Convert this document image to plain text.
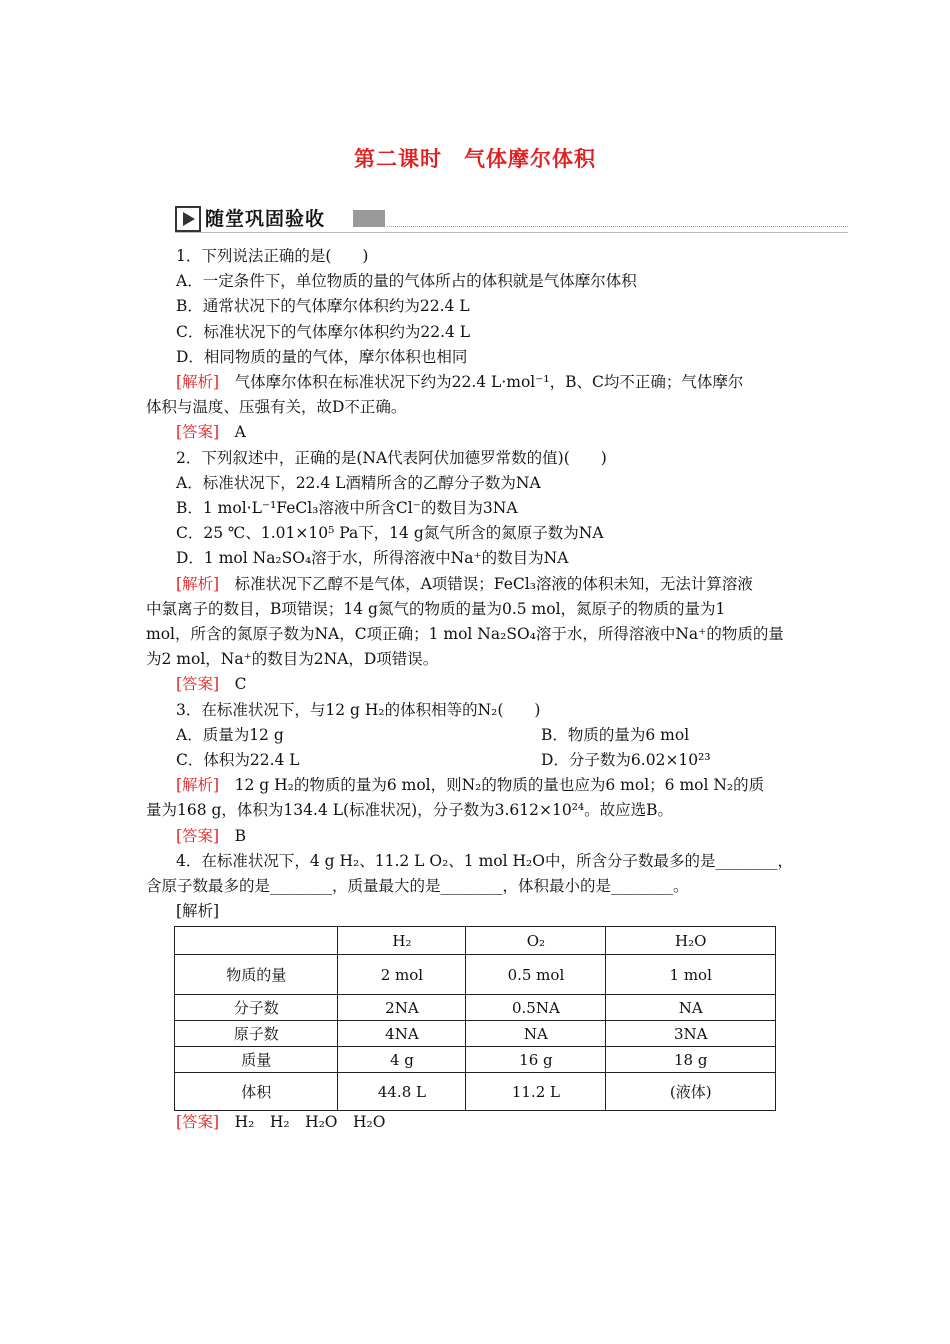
第二课时　气体摩尔体积
随堂巩固验收
1．下列说法正确的是(　　)
A．一定条件下，单位物质的量的气体所占的体积就是气体摩尔体积
B．通常状况下的气体摩尔体积约为22.4 L
C．标准状况下的气体摩尔体积约为22.4 L
D．相同物质的量的气体，摩尔体积也相同
[解析]　气体摩尔体积在标准状况下约为22.4 L·mol⁻¹，B、C均不正确；气体摩尔
体积与温度、压强有关，故D不正确。
[答案]　A
2．下列叙述中，正确的是(NA代表阿伏加德罗常数的值)(　　)
A．标准状况下，22.4 L酒精所含的乙醇分子数为NA
B．1 mol·L⁻¹FeCl₃溶液中所含Cl⁻的数目为3NA
C．25 ℃、1.01×10⁵ Pa下，14 g氮气所含的氮原子数为NA
D．1 mol Na₂SO₄溶于水，所得溶液中Na⁺的数目为NA
[解析]　标准状况下乙醇不是气体，A项错误；FeCl₃溶液的体积未知，无法计算溶液
中氯离子的数目，B项错误；14 g氮气的物质的量为0.5 mol，氮原子的物质的量为1
mol，所含的氮原子数为NA，C项正确；1 mol Na₂SO₄溶于水，所得溶液中Na⁺的物质的量
为2 mol，Na⁺的数目为2NA，D项错误。
[答案]　C
3．在标准状况下，与12 g H₂的体积相等的N₂(　　)
A．质量为12 g	B．物质的量为6 mol
C．体积为22.4 L	D．分子数为6.02×10²³
[解析]　12 g H₂的物质的量为6 mol，则N₂的物质的量也应为6 mol；6 mol N₂的质
量为168 g，体积为134.4 L(标准状况)，分子数为3.612×10²⁴。故应选B。
[答案]　B
4．在标准状况下，4 g H₂、11.2 L O₂、1 mol H₂O中，所含分子数最多的是________，
含原子数最多的是________，质量最大的是________，体积最小的是________。
[解析]
	H₂	O₂	H₂O
物质的量	2 mol	0.5 mol	1 mol
分子数	2NA	0.5NA	NA
原子数	4NA	NA	3NA
质量	4 g	16 g	18 g
体积	44.8 L	11.2 L	(液体)
[答案]　H₂　H₂　H₂O　H₂O
